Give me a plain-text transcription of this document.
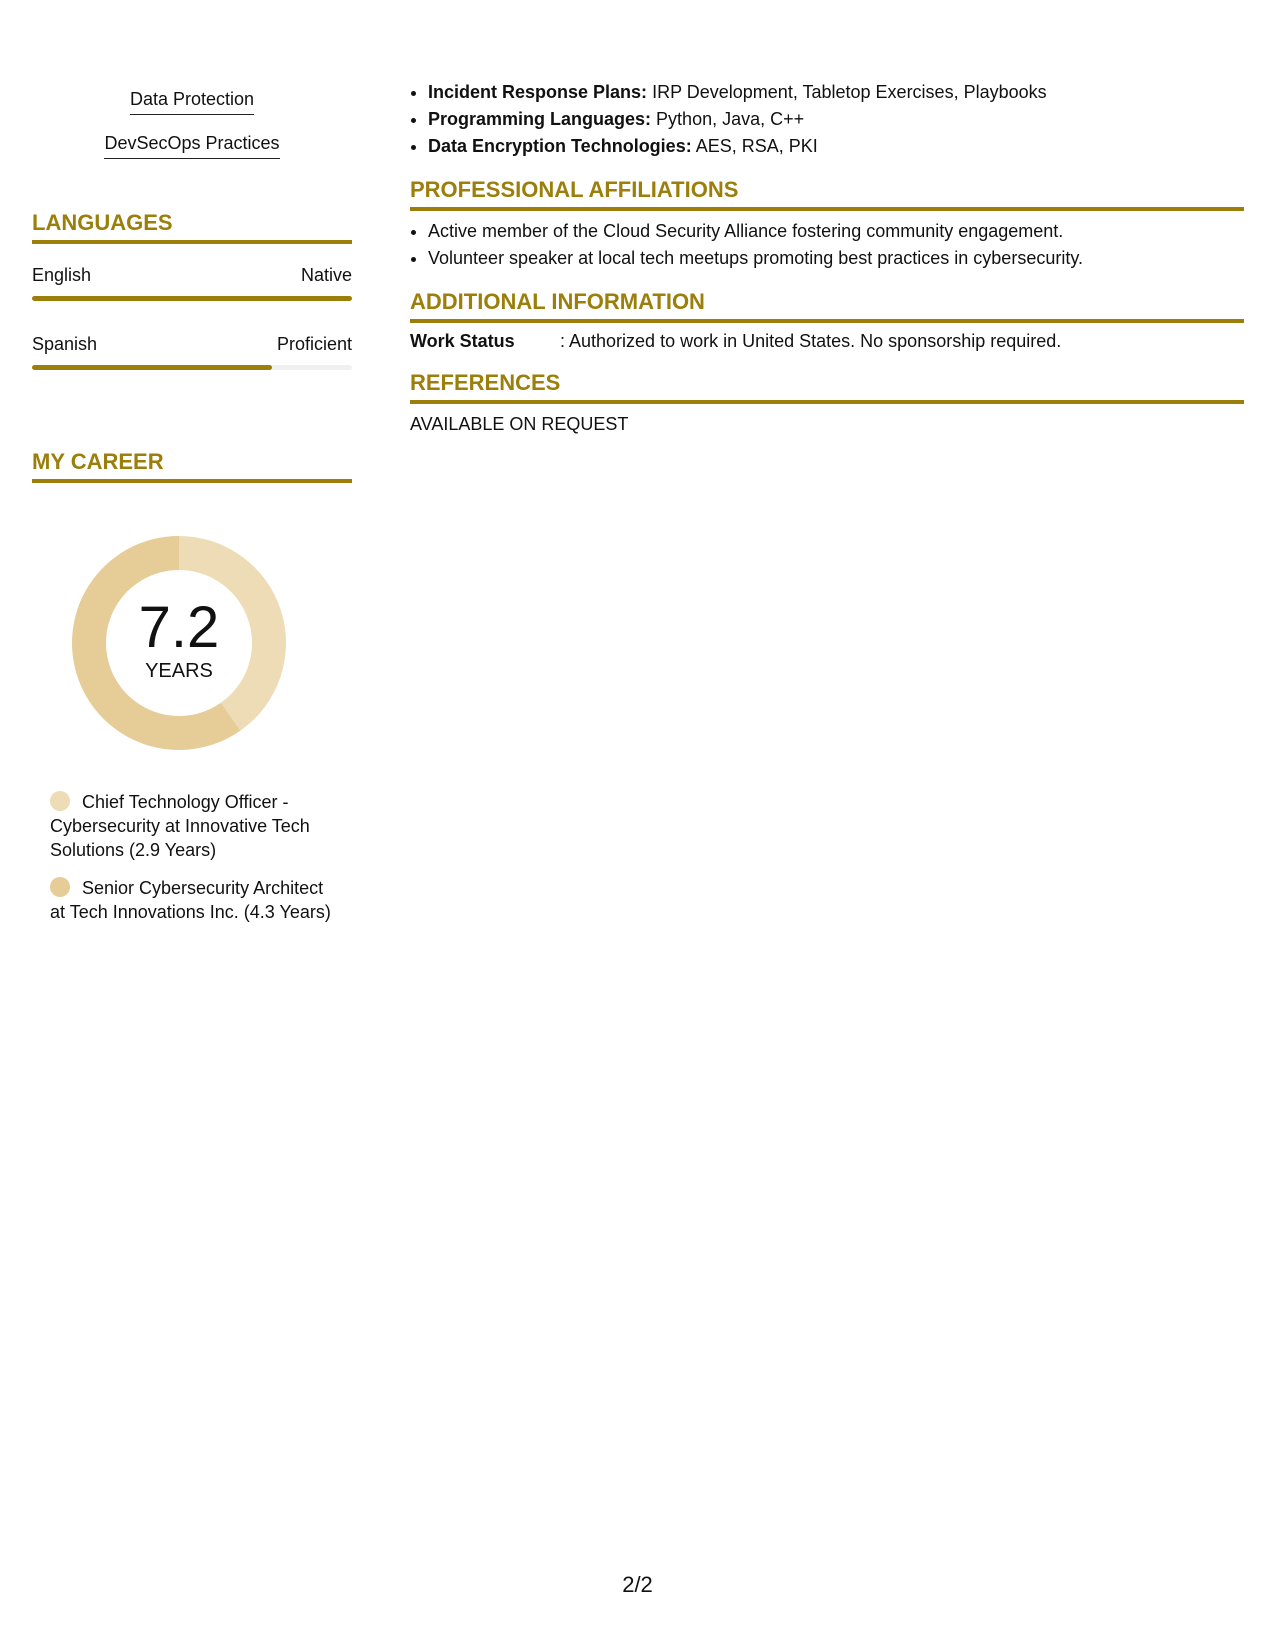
Data Protection
DevSecOps Practices
LANGUAGES
English	Native
Spanish	Proficient
MY CAREER
7.2
YEARS
Chief Technology Officer - Cybersecurity at Innovative Tech Solutions (2.9 Years)
Senior Cybersecurity Architect at Tech Innovations Inc. (4.3 Years)
• Incident Response Plans: IRP Development, Tabletop Exercises, Playbooks
• Programming Languages: Python, Java, C++
• Data Encryption Technologies: AES, RSA, PKI
PROFESSIONAL AFFILIATIONS
• Active member of the Cloud Security Alliance fostering community engagement.
• Volunteer speaker at local tech meetups promoting best practices in cybersecurity.
ADDITIONAL INFORMATION
Work Status	: Authorized to work in United States. No sponsorship required.
REFERENCES
AVAILABLE ON REQUEST
2/2
